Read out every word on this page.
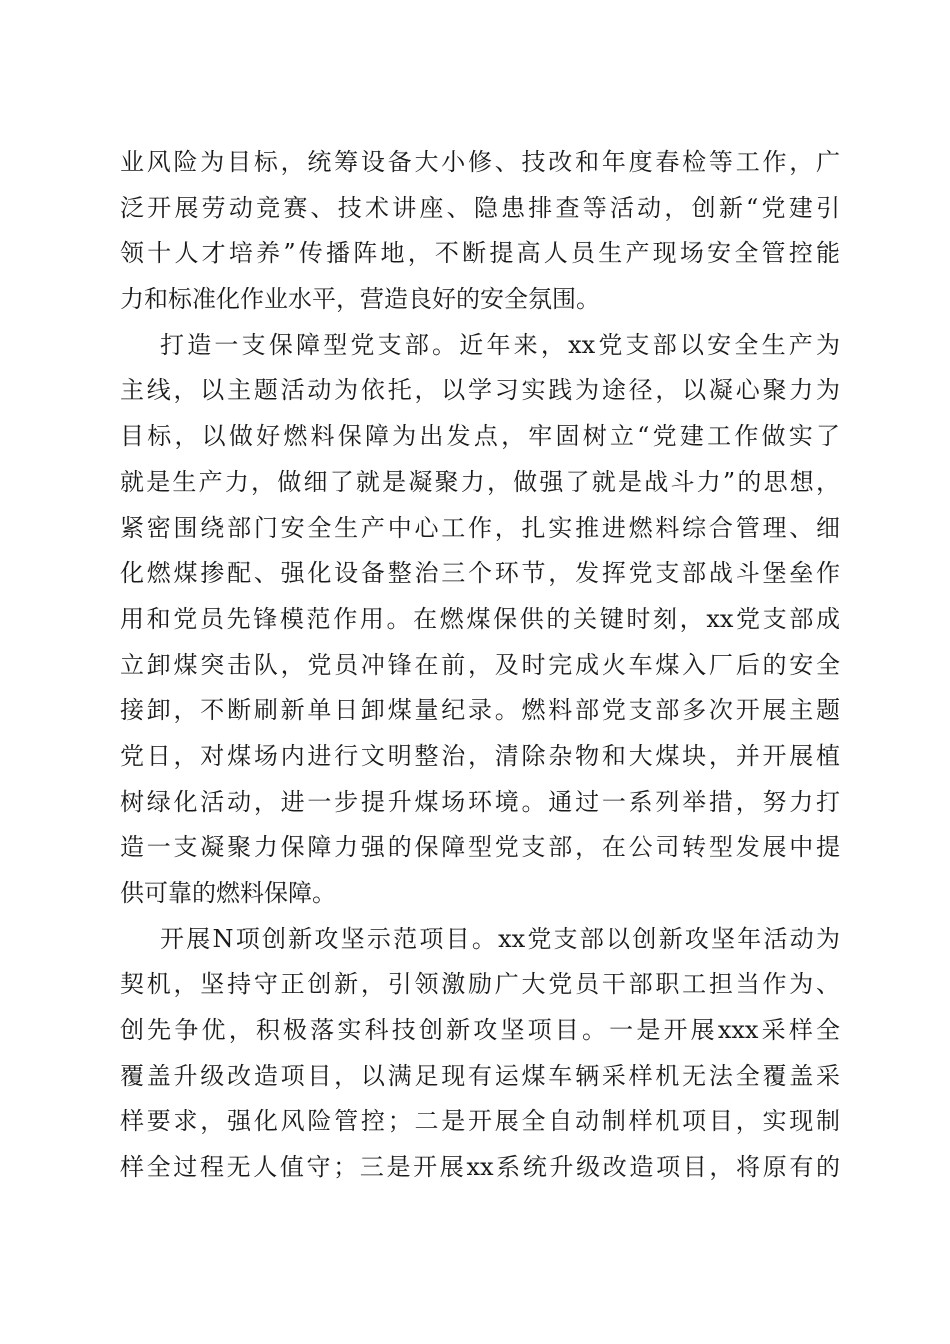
业风险为目标，统筹设备大小修、技改和年度春检等工作，广
泛开展劳动竞赛、技术讲座、隐患排查等活动，创新“党建引
领十人才培养”传播阵地，不断提高人员生产现场安全管控能
力和标准化作业水平，营造良好的安全氛围。
打造一支保障型党支部。近年来，xx党支部以安全生产为
主线，以主题活动为依托，以学习实践为途径，以凝心聚力为
目标，以做好燃料保障为出发点，牢固树立“党建工作做实了
就是生产力，做细了就是凝聚力，做强了就是战斗力”的思想，
紧密围绕部门安全生产中心工作，扎实推进燃料综合管理、细
化燃煤掺配、强化设备整治三个环节，发挥党支部战斗堡垒作
用和党员先锋模范作用。在燃煤保供的关键时刻，xx党支部成
立卸煤突击队，党员冲锋在前，及时完成火车煤入厂后的安全
接卸，不断刷新单日卸煤量纪录。燃料部党支部多次开展主题
党日，对煤场内进行文明整治，清除杂物和大煤块，并开展植
树绿化活动，进一步提升煤场环境。通过一系列举措，努力打
造一支凝聚力保障力强的保障型党支部，在公司转型发展中提
供可靠的燃料保障。
开展N项创新攻坚示范项目。xx党支部以创新攻坚年活动为
契机，坚持守正创新，引领激励广大党员干部职工担当作为、
创先争优，积极落实科技创新攻坚项目。一是开展xxx采样全
覆盖升级改造项目，以满足现有运煤车辆采样机无法全覆盖采
样要求，强化风险管控；二是开展全自动制样机项目，实现制
样全过程无人值守；三是开展xx系统升级改造项目，将原有的
